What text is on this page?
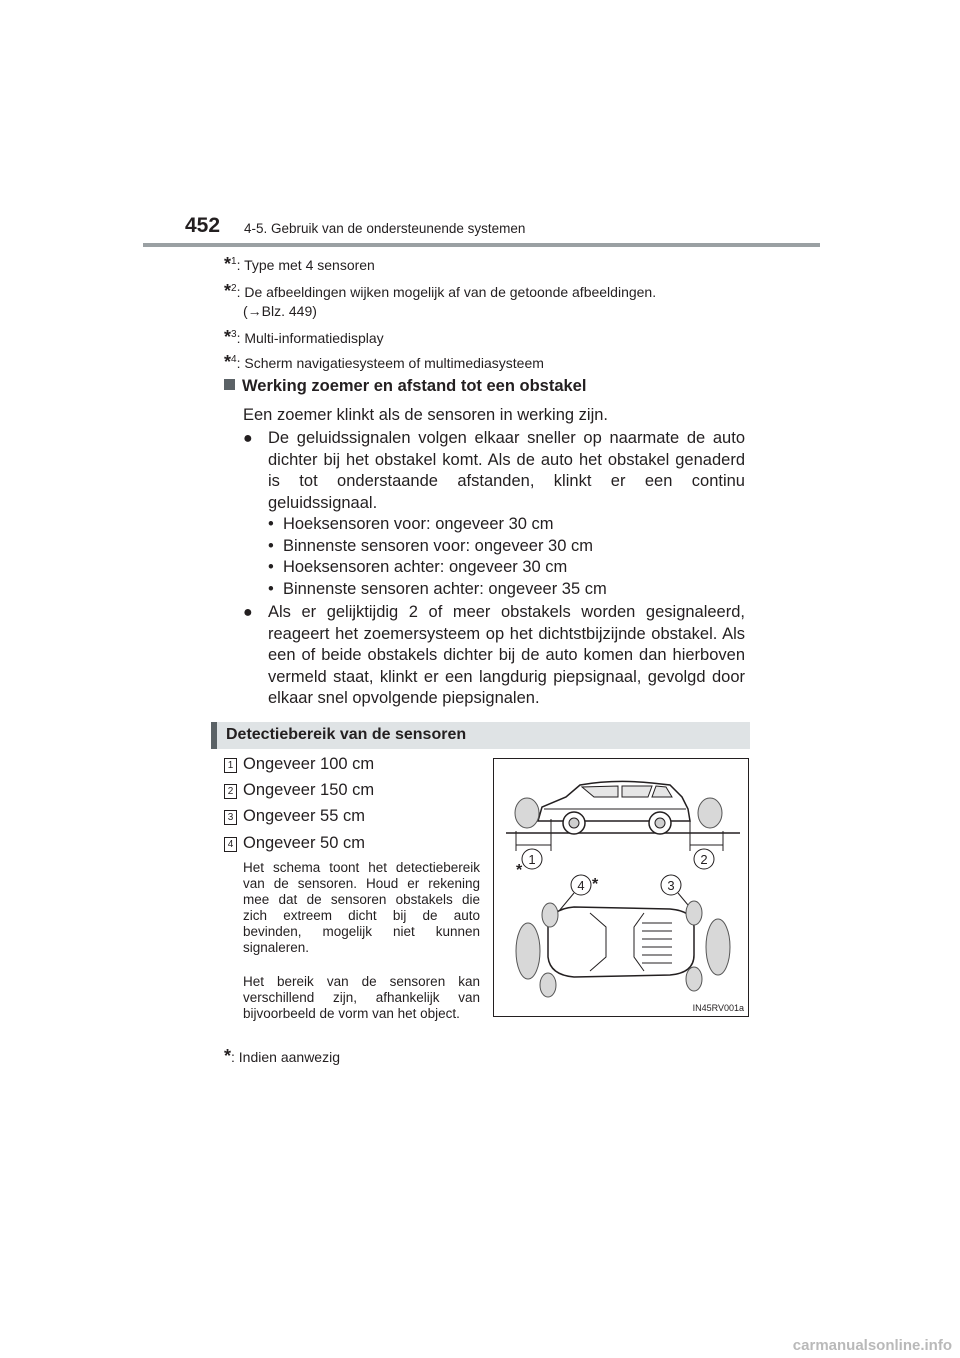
452 4-5. Gebruik van de ondersteunende systemen
*$^1$: Type met 4 sensoren
*$^2$: De afbeeldingen wijken mogelijk af van de getoonde afbeeldingen.
(→Blz. 449)
*$^3$: Multi-informatiedisplay
*$^4$: Scherm navigatiesysteem of multimediasysteem
Werking zoemer en afstand tot een obstakel
Een zoemer klinkt als de sensoren in werking zijn.
● De geluidssignalen volgen elkaar sneller op naarmate de auto dichter bij het obstakel komt. Als de auto het obstakel genaderd is tot onderstaande afstanden, klinkt er een continu geluidssignaal.
• Hoeksensoren voor: ongeveer 30 cm
• Binnenste sensoren voor: ongeveer 30 cm
• Hoeksensoren achter: ongeveer 30 cm
• Binnenste sensoren achter: ongeveer 35 cm
● Als er gelijktijdig 2 of meer obstakels worden gesignaleerd, reageert het zoemersysteem op het dichtstbijzijnde obstakel. Als een of beide obstakels dichter bij de auto komen dan hierboven vermeld staat, klinkt er een langdurig piepsignaal, gevolgd door elkaar snel opvolgende piepsignalen.
Detectiebereik van de sensoren
1 Ongeveer 100 cm
2 Ongeveer 150 cm
3 Ongeveer 55 cm
4 Ongeveer 50 cm
Het schema toont het detectiebereik van de sensoren. Houd er rekening mee dat de sensoren obstakels die zich extreem dicht bij de auto bevinden, mogelijk niet kunnen signaleren.
Het bereik van de sensoren kan verschillend zijn, afhankelijk van bijvoorbeeld de vorm van het object.
*: Indien aanwezig
1	2
3
4
*
*
IN45RV001a
carmanualsonline.info
